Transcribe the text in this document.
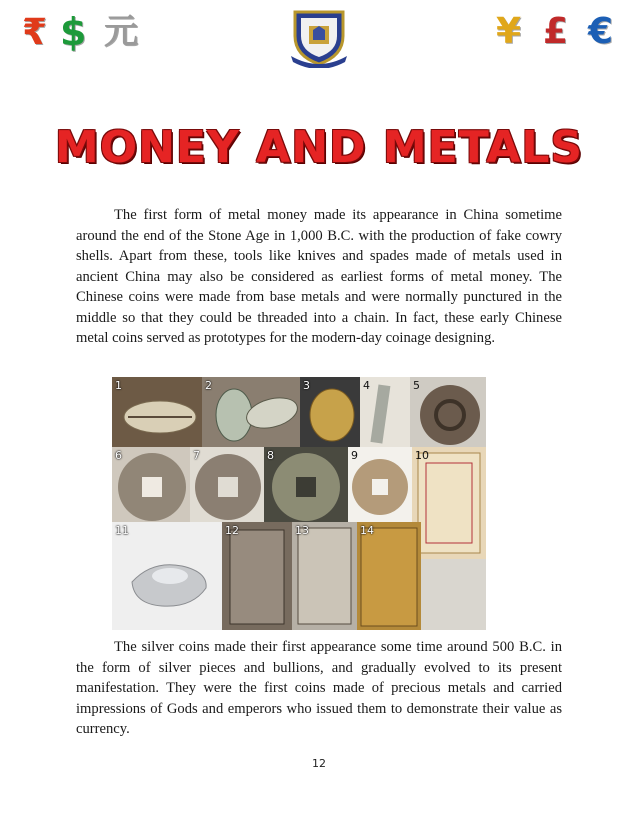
₹ $ 元	¥ £ €
MONEY AND METALS

The first form of metal money made its appearance in China sometime around the end of the Stone Age in 1,000 B.C. with the production of fake cowry shells. Apart from these, tools like knives and spades made of metals used in ancient China may also be considered as earliest forms of metal money. The Chinese coins were made from base metals and were normally punctured in the middle so that they could be threaded into a chain. In fact, these early Chinese metal coins served as prototypes for the modern-day coinage designing.

1	2	3	4	5
6	7	8	9	10
11	12	13	14

The silver coins made their first appearance some time around 500 B.C. in the form of silver pieces and bullions, and gradually evolved to its present manifestation. They were the first coins made of precious metals and carried impressions of Gods and emperors who issued them to demonstrate their value as currency.

12
